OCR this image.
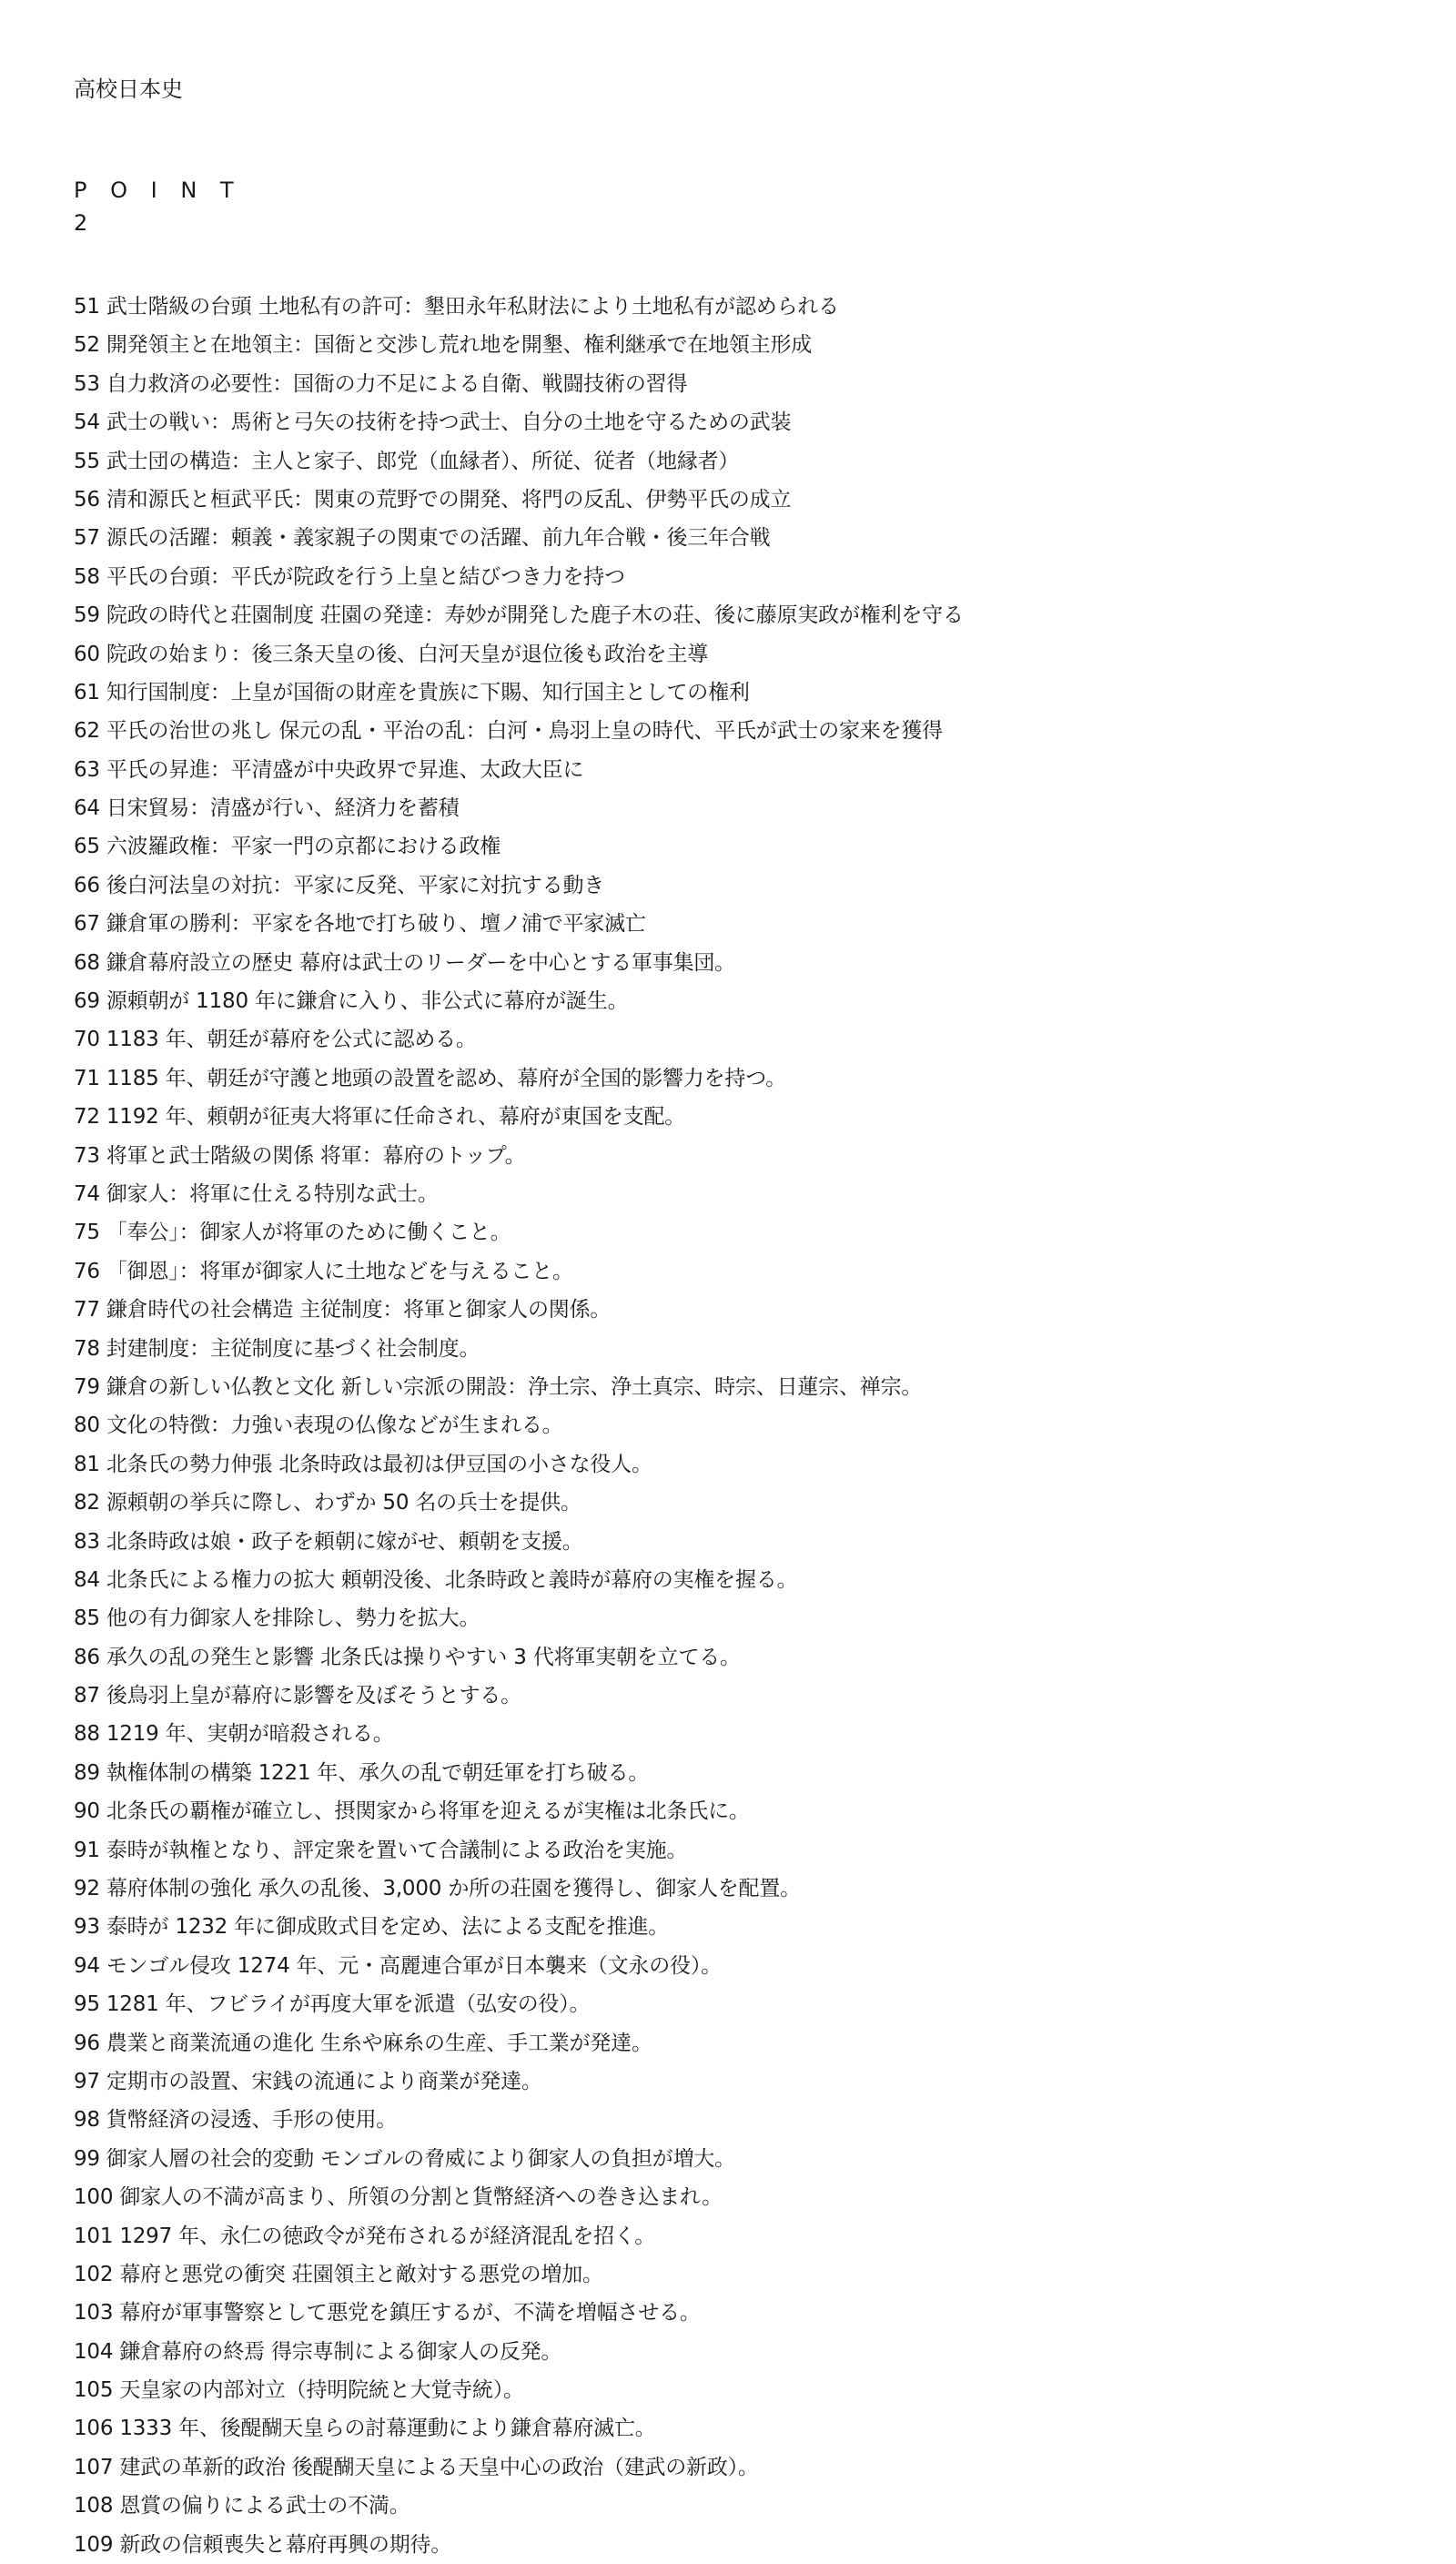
高校日本史
P O I N T
2
51 武士階級の台頭 土地私有の許可：墾田永年私財法により土地私有が認められる
52 開発領主と在地領主：国衙と交渉し荒れ地を開墾、権利継承で在地領主形成
53 自力救済の必要性：国衙の力不足による自衛、戦闘技術の習得
54 武士の戦い：馬術と弓矢の技術を持つ武士、自分の土地を守るための武装
55 武士団の構造：主人と家子、郎党（血縁者）、所従、従者（地縁者）
56 清和源氏と桓武平氏：関東の荒野での開発、将門の反乱、伊勢平氏の成立
57 源氏の活躍：頼義・義家親子の関東での活躍、前九年合戦・後三年合戦
58 平氏の台頭：平氏が院政を行う上皇と結びつき力を持つ
59 院政の時代と荘園制度 荘園の発達：寿妙が開発した鹿子木の荘、後に藤原実政が権利を守る
60 院政の始まり：後三条天皇の後、白河天皇が退位後も政治を主導
61 知行国制度：上皇が国衙の財産を貴族に下賜、知行国主としての権利
62 平氏の治世の兆し 保元の乱・平治の乱：白河・鳥羽上皇の時代、平氏が武士の家来を獲得
63 平氏の昇進：平清盛が中央政界で昇進、太政大臣に
64 日宋貿易：清盛が行い、経済力を蓄積
65 六波羅政権：平家一門の京都における政権
66 後白河法皇の対抗：平家に反発、平家に対抗する動き
67 鎌倉軍の勝利：平家を各地で打ち破り、壇ノ浦で平家滅亡
68 鎌倉幕府設立の歴史 幕府は武士のリーダーを中心とする軍事集団。
69 源頼朝が 1180 年に鎌倉に入り、非公式に幕府が誕生。
70 1183 年、朝廷が幕府を公式に認める。
71 1185 年、朝廷が守護と地頭の設置を認め、幕府が全国的影響力を持つ。
72 1192 年、頼朝が征夷大将軍に任命され、幕府が東国を支配。
73 将軍と武士階級の関係 将軍：幕府のトップ。
74 御家人：将軍に仕える特別な武士。
75 「奉公」：御家人が将軍のために働くこと。
76 「御恩」：将軍が御家人に土地などを与えること。
77 鎌倉時代の社会構造 主従制度：将軍と御家人の関係。
78 封建制度：主従制度に基づく社会制度。
79 鎌倉の新しい仏教と文化 新しい宗派の開設：浄土宗、浄土真宗、時宗、日蓮宗、禅宗。
80 文化の特徴：力強い表現の仏像などが生まれる。
81 北条氏の勢力伸張 北条時政は最初は伊豆国の小さな役人。
82 源頼朝の挙兵に際し、わずか 50 名の兵士を提供。
83 北条時政は娘・政子を頼朝に嫁がせ、頼朝を支援。
84 北条氏による権力の拡大 頼朝没後、北条時政と義時が幕府の実権を握る。
85 他の有力御家人を排除し、勢力を拡大。
86 承久の乱の発生と影響 北条氏は操りやすい 3 代将軍実朝を立てる。
87 後鳥羽上皇が幕府に影響を及ぼそうとする。
88 1219 年、実朝が暗殺される。
89 執権体制の構築 1221 年、承久の乱で朝廷軍を打ち破る。
90 北条氏の覇権が確立し、摂関家から将軍を迎えるが実権は北条氏に。
91 泰時が執権となり、評定衆を置いて合議制による政治を実施。
92 幕府体制の強化 承久の乱後、3,000 か所の荘園を獲得し、御家人を配置。
93 泰時が 1232 年に御成敗式目を定め、法による支配を推進。
94 モンゴル侵攻 1274 年、元・高麗連合軍が日本襲来（文永の役）。
95 1281 年、フビライが再度大軍を派遣（弘安の役）。
96 農業と商業流通の進化 生糸や麻糸の生産、手工業が発達。
97 定期市の設置、宋銭の流通により商業が発達。
98 貨幣経済の浸透、手形の使用。
99 御家人層の社会的変動 モンゴルの脅威により御家人の負担が増大。
100 御家人の不満が高まり、所領の分割と貨幣経済への巻き込まれ。
101 1297 年、永仁の徳政令が発布されるが経済混乱を招く。
102 幕府と悪党の衝突 荘園領主と敵対する悪党の増加。
103 幕府が軍事警察として悪党を鎮圧するが、不満を増幅させる。
104 鎌倉幕府の終焉 得宗専制による御家人の反発。
105 天皇家の内部対立（持明院統と大覚寺統）。
106 1333 年、後醍醐天皇らの討幕運動により鎌倉幕府滅亡。
107 建武の革新的政治 後醍醐天皇による天皇中心の政治（建武の新政）。
108 恩賞の偏りによる武士の不満。
109 新政の信頼喪失と幕府再興の期待。
